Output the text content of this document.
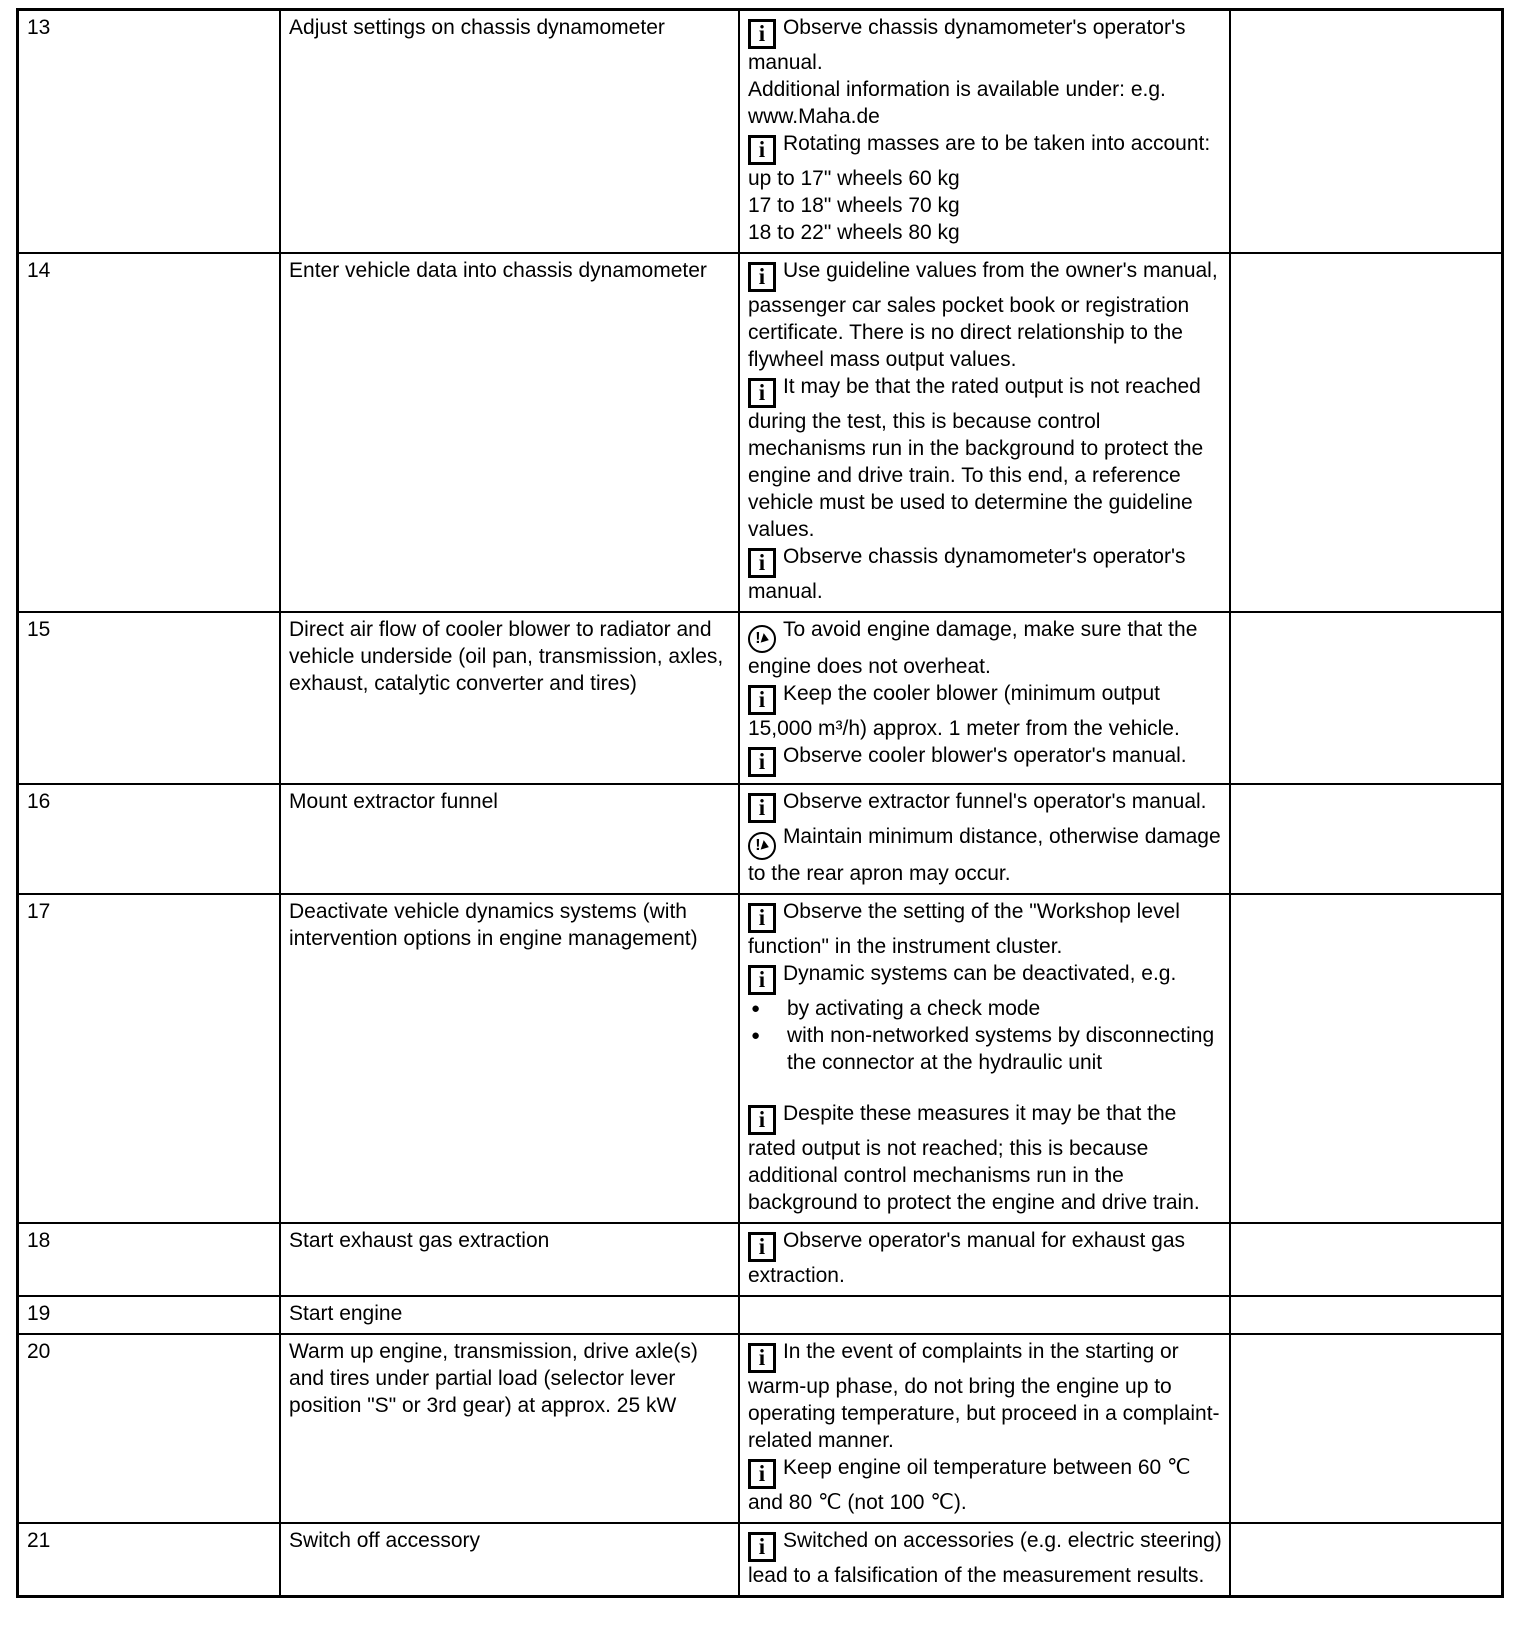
13	Adjust settings on chassis dynamometer	i Observe chassis dynamometer's operator's manual.
Additional information is available under: e.g. www.Maha.de
i Rotating masses are to be taken into account:
up to 17" wheels 60 kg
17 to 18" wheels 70 kg
18 to 22" wheels 80 kg

14	Enter vehicle data into chassis dynamometer	i Use guideline values from the owner's manual, passenger car sales pocket book or registration certificate. There is no direct relationship to the flywheel mass output values.
i It may be that the rated output is not reached during the test, this is because control mechanisms run in the background to protect the engine and drive train. To this end, a reference vehicle must be used to determine the guideline values.
i Observe chassis dynamometer's operator's manual.	

15	Direct air flow of cooler blower to radiator and vehicle underside (oil pan, transmission, axles, exhaust, catalytic converter and tires)	! To avoid engine damage, make sure that the engine does not overheat.
i Keep the cooler blower (minimum output 15,000 m³/h) approx. 1 meter from the vehicle.
i Observe cooler blower's operator's manual.	

16	Mount extractor funnel	i Observe extractor funnel's operator's manual.
! Maintain minimum distance, otherwise damage to the rear apron may occur.	

17	Deactivate vehicle dynamics systems (with intervention options in engine management)	
i Observe the setting of the "Workshop level function" in the instrument cluster.
i Dynamic systems can be deactivated, e.g.
●	by activating a check mode
●	with non-networked systems by disconnecting the connector at the hydraulic unit
i Despite these measures it may be that the rated output is not reached; this is because additional control mechanisms run in the background to protect the engine and drive train.

18	Start exhaust gas extraction	i Observe operator's manual for exhaust gas extraction.	

19	Start engine		
20	Warm up engine, transmission, drive axle(s) and tires under partial load (selector lever position "S" or 3rd gear) at approx. 25 kW	i In the event of complaints in the starting or warm-up phase, do not bring the engine up to operating temperature, but proceed in a complaint-related manner.
i Keep engine oil temperature between 60 ℃ and 80 ℃ (not 100 ℃).	

21	Switch off accessory	i Switched on accessories (e.g. electric steering) lead to a falsification of the measurement results.	
